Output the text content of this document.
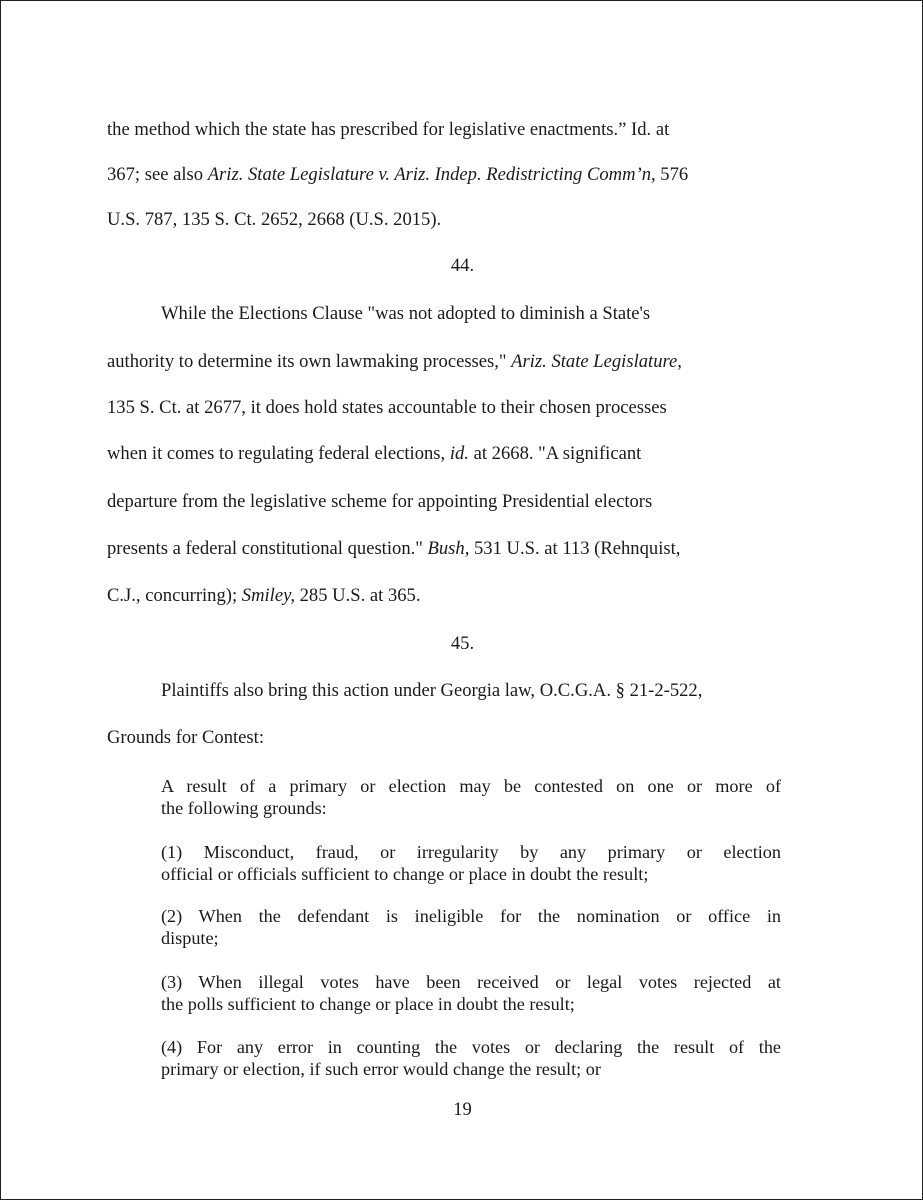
the method which the state has prescribed for legislative enactments.” Id. at
367; see also Ariz. State Legislature v. Ariz. Indep. Redistricting Comm’n, 576
U.S. 787, 135 S. Ct. 2652, 2668 (U.S. 2015).
44.
While the Elections Clause "was not adopted to diminish a State's
authority to determine its own lawmaking processes," Ariz. State Legislature,
135 S. Ct. at 2677, it does hold states accountable to their chosen processes
when it comes to regulating federal elections, id. at 2668. "A significant
departure from the legislative scheme for appointing Presidential electors
presents a federal constitutional question." Bush, 531 U.S. at 113 (Rehnquist,
C.J., concurring); Smiley, 285 U.S. at 365.
45.
Plaintiffs also bring this action under Georgia law, O.C.G.A. § 21-2-522,
Grounds for Contest:
A result of a primary or election may be contested on one or more of
the following grounds:
(1) Misconduct, fraud, or irregularity by any primary or election
official or officials sufficient to change or place in doubt the result;
(2) When the defendant is ineligible for the nomination or office in
dispute;
(3) When illegal votes have been received or legal votes rejected at
the polls sufficient to change or place in doubt the result;
(4) For any error in counting the votes or declaring the result of the
primary or election, if such error would change the result; or
19
